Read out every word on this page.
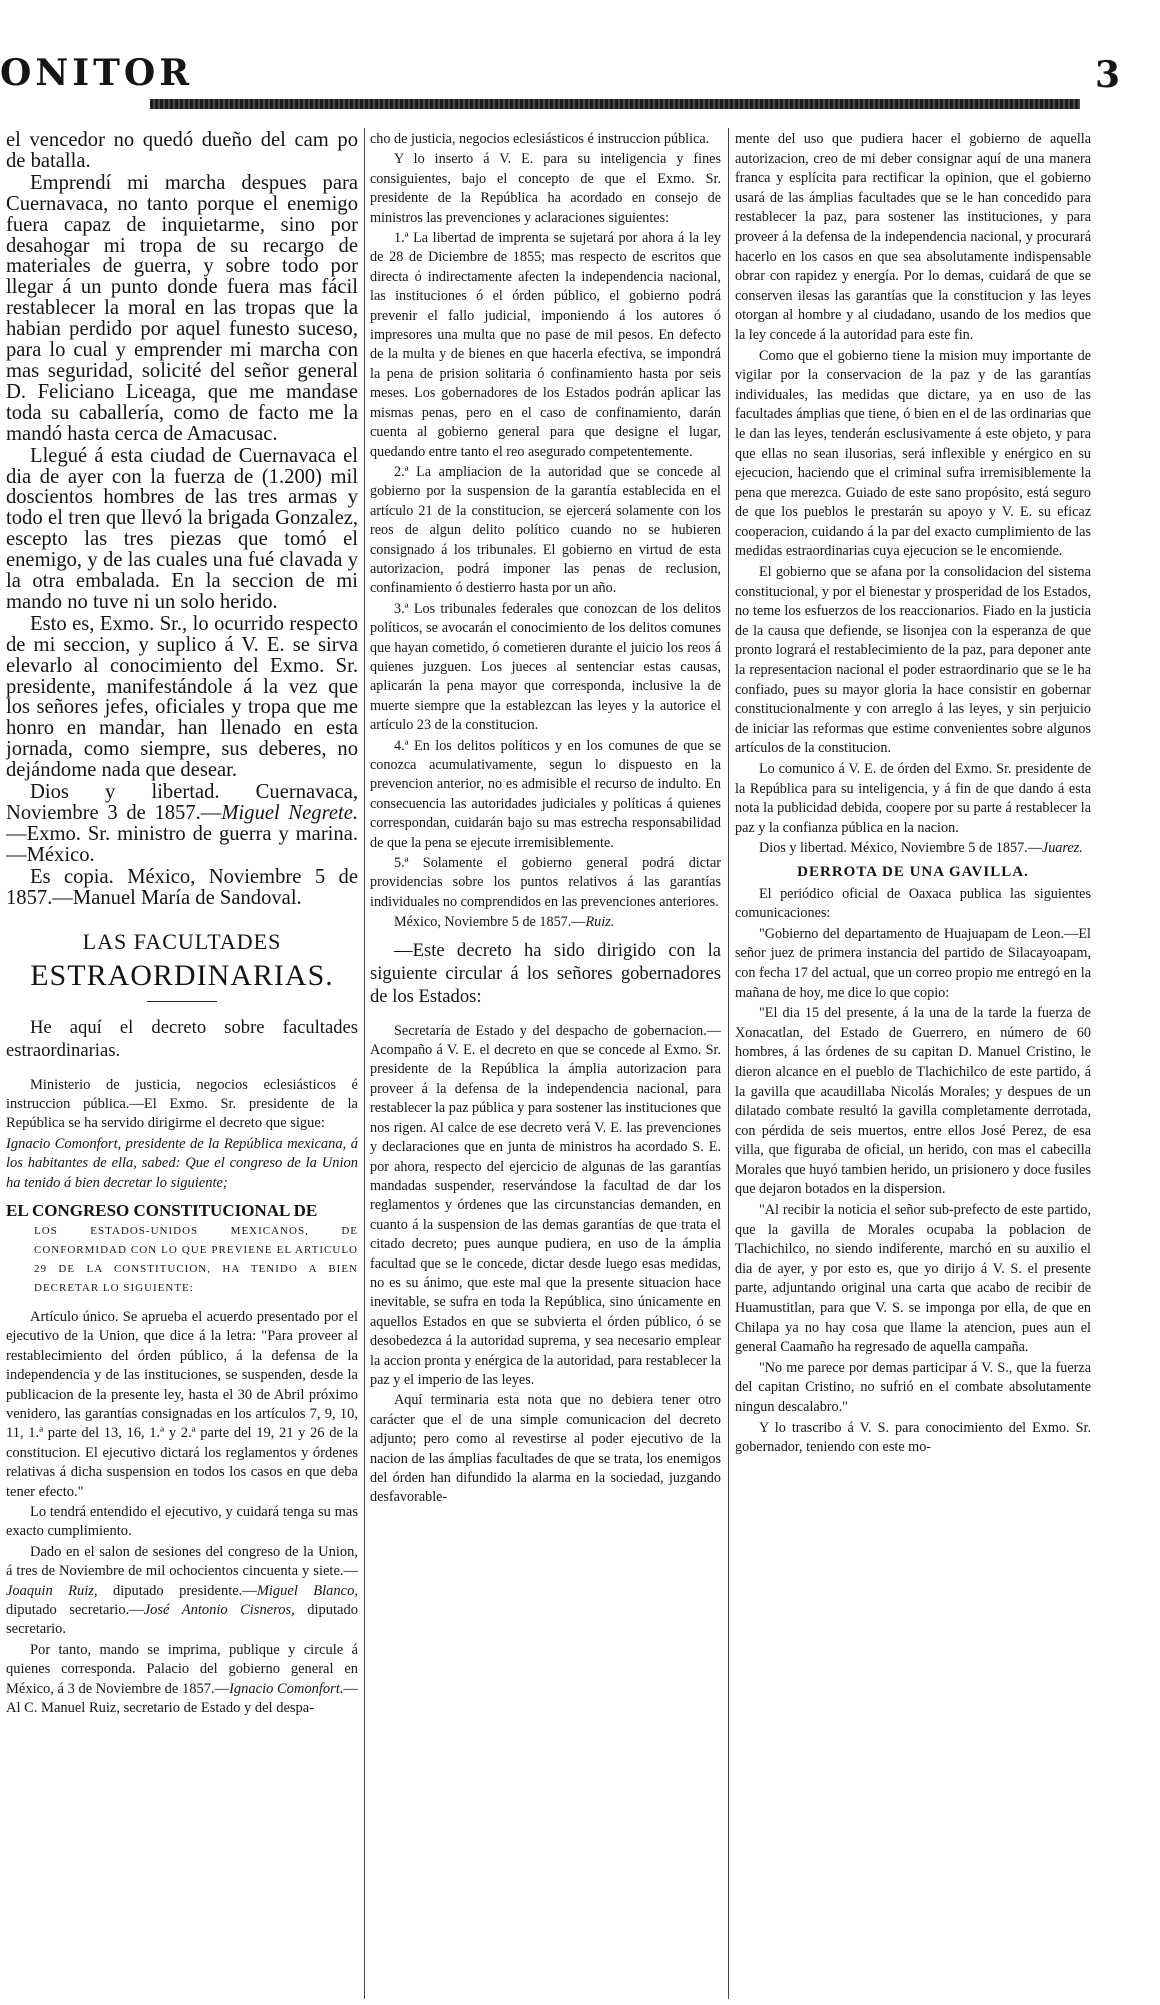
ONITOR	3

el vencedor no quedó dueño del cam po de batalla.

Emprendí mi marcha despues para Cuernavaca, no tanto porque el enemigo fuera capaz de inquietarme, sino por desahogar mi tropa de su recargo de materiales de guerra, y sobre todo por llegar á un punto donde fuera mas fácil restablecer la moral en las tropas que la habian perdido por aquel funesto suceso, para lo cual y emprender mi marcha con mas seguridad, solicité del señor general D. Feliciano Liceaga, que me mandase toda su caballería, como de facto me la mandó hasta cerca de Amacusac.

Llegué á esta ciudad de Cuernavaca el dia de ayer con la fuerza de (1.200) mil doscientos hombres de las tres armas y todo el tren que llevó la brigada Gonzalez, escepto las tres piezas que tomó el enemigo, y de las cuales una fué clavada y la otra embalada. En la seccion de mi mando no tuve ni un solo herido.

Esto es, Exmo. Sr., lo ocurrido respecto de mi seccion, y suplico á V. E. se sirva elevarlo al conocimiento del Exmo. Sr. presidente, manifestándole á la vez que los señores jefes, oficiales y tropa que me honro en mandar, han llenado en esta jornada, como siempre, sus deberes, no dejándome nada que desear.

Dios y libertad. Cuernavaca, Noviembre 3 de 1857.—Miguel Negrete.—Exmo. Sr. ministro de guerra y marina.—México.

Es copia. México, Noviembre 5 de 1857.—Manuel María de Sandoval.

LAS FACULTADES
ESTRAORDINARIAS.

He aquí el decreto sobre facultades estraordinarias.

Ministerio de justicia, negocios eclesiásticos é instruccion pública.—El Exmo. Sr. presidente de la República se ha servido dirigirme el decreto que sigue:

Ignacio Comonfort, presidente de la República mexicana, á los habitantes de ella, sabed: Que el congreso de la Union ha tenido á bien decretar lo siguiente;

EL CONGRESO CONSTITUCIONAL DE

LOS ESTADOS-UNIDOS MEXICANOS, DE CONFORMIDAD CON LO QUE PREVIENE EL ARTICULO 29 DE LA CONSTITUCION, HA TENIDO A BIEN DECRETAR LO SIGUIENTE:

Artículo único. Se aprueba el acuerdo presentado por el ejecutivo de la Union, que dice á la letra: "Para proveer al restablecimiento del órden público, á la defensa de la independencia y de las instituciones, se suspenden, desde la publicacion de la presente ley, hasta el 30 de Abril próximo venidero, las garantías consignadas en los artículos 7, 9, 10, 11, 1.ª parte del 13, 16, 1.ª y 2.ª parte del 19, 21 y 26 de la constitucion. El ejecutivo dictará los reglamentos y órdenes relativas á dicha suspension en todos los casos en que deba tener efecto."

Lo tendrá entendido el ejecutivo, y cuidará tenga su mas exacto cumplimiento.

Dado en el salon de sesiones del congreso de la Union, á tres de Noviembre de mil ochocientos cincuenta y siete.—Joaquin Ruiz, diputado presidente.—Miguel Blanco, diputado secretario.—José Antonio Cisneros, diputado secretario.

Por tanto, mando se imprima, publique y circule á quienes corresponda. Palacio del gobierno general en México, á 3 de Noviembre de 1857.—Ignacio Comonfort.—Al C. Manuel Ruiz, secretario de Estado y del despa-

cho de justicia, negocios eclesiásticos é instruccion pública.

Y lo inserto á V. E. para su inteligencia y fines consiguientes, bajo el concepto de que el Exmo. Sr. presidente de la República ha acordado en consejo de ministros las prevenciones y aclaraciones siguientes:

1.ª La libertad de imprenta se sujetará por ahora á la ley de 28 de Diciembre de 1855; mas respecto de escritos que directa ó indirectamente afecten la independencia nacional, las instituciones ó el órden público, el gobierno podrá prevenir el fallo judicial, imponiendo á los autores ó impresores una multa que no pase de mil pesos. En defecto de la multa y de bienes en que hacerla efectiva, se impondrá la pena de prision solitaria ó confinamiento hasta por seis meses. Los gobernadores de los Estados podrán aplicar las mismas penas, pero en el caso de confinamiento, darán cuenta al gobierno general para que designe el lugar, quedando entre tanto el reo asegurado competentemente.

2.ª La ampliacion de la autoridad que se concede al gobierno por la suspension de la garantía establecida en el artículo 21 de la constitucion, se ejercerá solamente con los reos de algun delito político cuando no se hubieren consignado á los tribunales. El gobierno en virtud de esta autorizacion, podrá imponer las penas de reclusion, confinamiento ó destierro hasta por un año.

3.ª Los tribunales federales que conozcan de los delitos políticos, se avocarán el conocimiento de los delitos comunes que hayan cometido, ó cometieren durante el juicio los reos á quienes juzguen. Los jueces al sentenciar estas causas, aplicarán la pena mayor que corresponda, inclusive la de muerte siempre que la establezcan las leyes y la autorice el artículo 23 de la constitucion.

4.ª En los delitos políticos y en los comunes de que se conozca acumulativamente, segun lo dispuesto en la prevencion anterior, no es admisible el recurso de indulto. En consecuencia las autoridades judiciales y políticas á quienes correspondan, cuidarán bajo su mas estrecha responsabilidad de que la pena se ejecute irremisiblemente.

5.ª Solamente el gobierno general podrá dictar providencias sobre los puntos relativos á las garantías individuales no comprendidos en las prevenciones anteriores.

México, Noviembre 5 de 1857.—Ruiz.

—Este decreto ha sido dirigido con la siguiente circular á los señores gobernadores de los Estados:

Secretaría de Estado y del despacho de gobernacion.—Acompaño á V. E. el decreto en que se concede al Exmo. Sr. presidente de la República la ámplia autorizacion para proveer á la defensa de la independencia nacional, para restablecer la paz pública y para sostener las instituciones que nos rigen. Al calce de ese decreto verá V. E. las prevenciones y declaraciones que en junta de ministros ha acordado S. E. por ahora, respecto del ejercicio de algunas de las garantías mandadas suspender, reservándose la facultad de dar los reglamentos y órdenes que las circunstancias demanden, en cuanto á la suspension de las demas garantías de que trata el citado decreto; pues aunque pudiera, en uso de la ámplia facultad que se le concede, dictar desde luego esas medidas, no es su ánimo, que este mal que la presente situacion hace inevitable, se sufra en toda la República, sino únicamente en aquellos Estados en que se subvierta el órden público, ó se desobedezca á la autoridad suprema, y sea necesario emplear la accion pronta y enérgica de la autoridad, para restablecer la paz y el imperio de las leyes.

Aquí terminaria esta nota que no debiera tener otro carácter que el de una simple comunicacion del decreto adjunto; pero como al revestirse al poder ejecutivo de la nacion de las ámplias facultades de que se trata, los enemigos del órden han difundido la alarma en la sociedad, juzgando desfavorable-

mente del uso que pudiera hacer el gobierno de aquella autorizacion, creo de mi deber consignar aquí de una manera franca y esplícita para rectificar la opinion, que el gobierno usará de las ámplias facultades que se le han concedido para restablecer la paz, para sostener las instituciones, y para proveer á la defensa de la independencia nacional, y procurará hacerlo en los casos en que sea absolutamente indispensable obrar con rapidez y energía. Por lo demas, cuidará de que se conserven ilesas las garantías que la constitucion y las leyes otorgan al hombre y al ciudadano, usando de los medios que la ley concede á la autoridad para este fin.

Como que el gobierno tiene la mision muy importante de vigilar por la conservacion de la paz y de las garantías individuales, las medidas que dictare, ya en uso de las facultades ámplias que tiene, ó bien en el de las ordinarias que le dan las leyes, tenderán esclusivamente á este objeto, y para que ellas no sean ilusorias, será inflexible y enérgico en su ejecucion, haciendo que el criminal sufra irremisiblemente la pena que merezca. Guiado de este sano propósito, está seguro de que los pueblos le prestarán su apoyo y V. E. su eficaz cooperacion, cuidando á la par del exacto cumplimiento de las medidas estraordinarias cuya ejecucion se le encomiende.

El gobierno que se afana por la consolidacion del sistema constitucional, y por el bienestar y prosperidad de los Estados, no teme los esfuerzos de los reaccionarios. Fiado en la justicia de la causa que defiende, se lisonjea con la esperanza de que pronto logrará el restablecimiento de la paz, para deponer ante la representacion nacional el poder estraordinario que se le ha confiado, pues su mayor gloria la hace consistir en gobernar constitucionalmente y con arreglo á las leyes, y sin perjuicio de iniciar las reformas que estime convenientes sobre algunos artículos de la constitucion.

Lo comunico á V. E. de órden del Exmo. Sr. presidente de la República para su inteligencia, y á fin de que dando á esta nota la publicidad debida, coopere por su parte á restablecer la paz y la confianza pública en la nacion.

Dios y libertad. México, Noviembre 5 de 1857.—Juarez.

DERROTA DE UNA GAVILLA.

El periódico oficial de Oaxaca publica las siguientes comunicaciones:

"Gobierno del departamento de Huajuapam de Leon.—El señor juez de primera instancia del partido de Silacayoapam, con fecha 17 del actual, que un correo propio me entregó en la mañana de hoy, me dice lo que copio:

"El dia 15 del presente, á la una de la tarde la fuerza de Xonacatlan, del Estado de Guerrero, en número de 60 hombres, á las órdenes de su capitan D. Manuel Cristino, le dieron alcance en el pueblo de Tlachichilco de este partido, á la gavilla que acaudillaba Nicolás Morales; y despues de un dilatado combate resultó la gavilla completamente derrotada, con pérdida de seis muertos, entre ellos José Perez, de esa villa, que figuraba de oficial, un herido, con mas el cabecilla Morales que huyó tambien herido, un prisionero y doce fusiles que dejaron botados en la dispersion.

"Al recibir la noticia el señor sub-prefecto de este partido, que la gavilla de Morales ocupaba la poblacion de Tlachichilco, no siendo indiferente, marchó en su auxilio el dia de ayer, y por esto es, que yo dirijo á V. S. el presente parte, adjuntando original una carta que acabo de recibir de Huamustitlan, para que V. S. se imponga por ella, de que en Chilapa ya no hay cosa que llame la atencion, pues aun el general Caamaño ha regresado de aquella campaña.

"No me parece por demas participar á V. S., que la fuerza del capitan Cristino, no sufrió en el combate absolutamente ningun descalabro."

Y lo trascribo á V. S. para conocimiento del Exmo. Sr. gobernador, teniendo con este mo-
